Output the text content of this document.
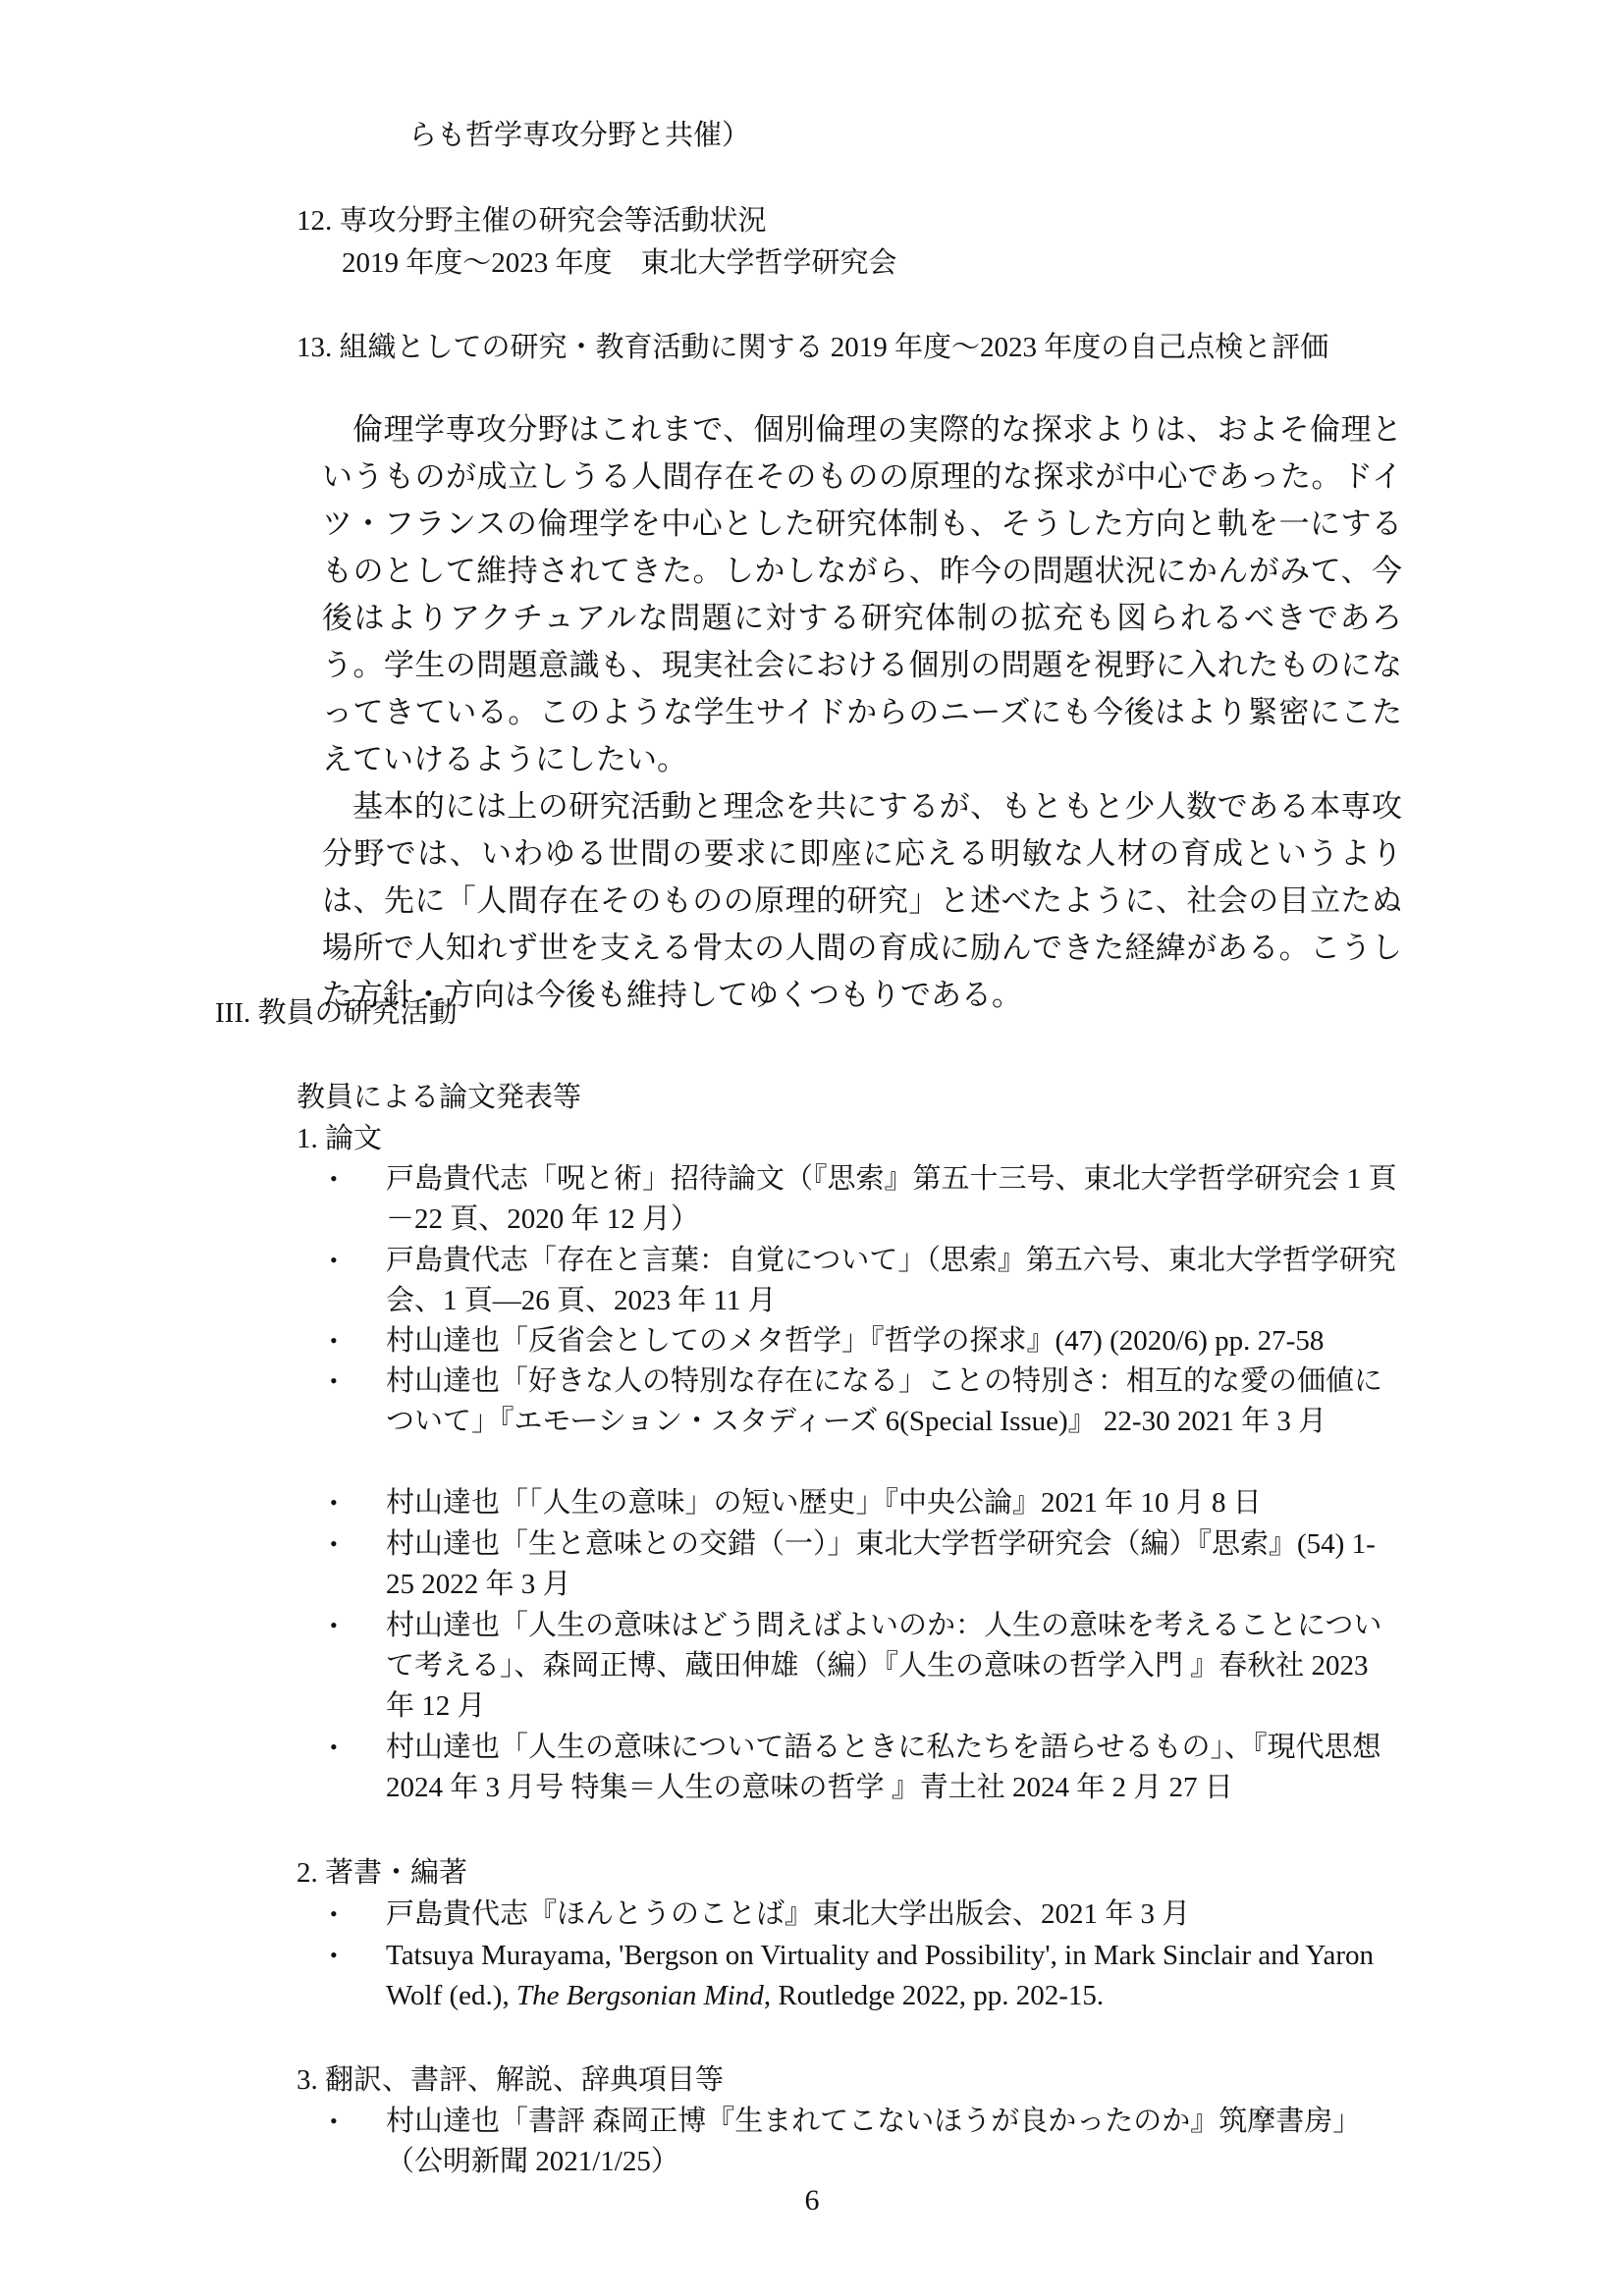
らも哲学専攻分野と共催）
12. 専攻分野主催の研究会等活動状況
2019 年度～2023 年度　東北大学哲学研究会
13. 組織としての研究・教育活動に関する 2019 年度～2023 年度の自己点検と評価

倫理学専攻分野はこれまで、個別倫理の実際的な探求よりは、およそ倫理というものが成立しうる人間存在そのものの原理的な探求が中心であった。ドイツ・フランスの倫理学を中心とした研究体制も、そうした方向と軌を一にするものとして維持されてきた。しかしながら、昨今の問題状況にかんがみて、今後はよりアクチュアルな問題に対する研究体制の拡充も図られるべきであろう。学生の問題意識も、現実社会における個別の問題を視野に入れたものになってきている。このような学生サイドからのニーズにも今後はより緊密にこたえていけるようにしたい。

基本的には上の研究活動と理念を共にするが、もともと少人数である本専攻分野では、いわゆる世間の要求に即座に応える明敏な人材の育成というよりは、先に「人間存在そのものの原理的研究」と述べたように、社会の目立たぬ場所で人知れず世を支える骨太の人間の育成に励んできた経緯がある。こうした方針・方向は今後も維持してゆくつもりである。

III. 教員の研究活動
教員による論文発表等
1. 論文
• 戸島貴代志「呪と術」招待論文（『思索』第五十三号、東北大学哲学研究会 1 頁－22 頁、2020 年 12 月）
• 戸島貴代志「存在と言葉：自覚について」（思索』第五六号、東北大学哲学研究会、1 頁―26 頁、2023 年 11 月
• 村山達也「反省会としてのメタ哲学」『哲学の探求』(47) (2020/6) pp. 27‐58
• 村山達也「好きな人の特別な存在になる」ことの特別さ：相互的な愛の価値について」『エモーション・スタディーズ 6(Special Issue)』 22-30 2021 年 3 月
• 村山達也「「人生の意味」の短い歴史」『中央公論』2021 年 10 月 8 日
• 村山達也「生と意味との交錯（一）」東北大学哲学研究会（編）『思索』(54) 1-25 2022 年 3 月
• 村山達也「人生の意味はどう問えばよいのか：人生の意味を考えることについて考える」、森岡正博、蔵田伸雄（編）『人生の意味の哲学入門 』春秋社 2023 年 12 月
• 村山達也「人生の意味について語るときに私たちを語らせるもの」、『現代思想 2024 年 3 月号 特集＝人生の意味の哲学 』青土社 2024 年 2 月 27 日
2. 著書・編著
• 戸島貴代志『ほんとうのことば』東北大学出版会、2021 年 3 月
• Tatsuya Murayama, 'Bergson on Virtuality and Possibility', in Mark Sinclair and Yaron Wolf (ed.), The Bergsonian Mind, Routledge 2022, pp. 202-15.
3. 翻訳、書評、解説、辞典項目等
• 村山達也「書評 森岡正博『生まれてこないほうが良かったのか』筑摩書房」（公明新聞 2021/1/25）
6
